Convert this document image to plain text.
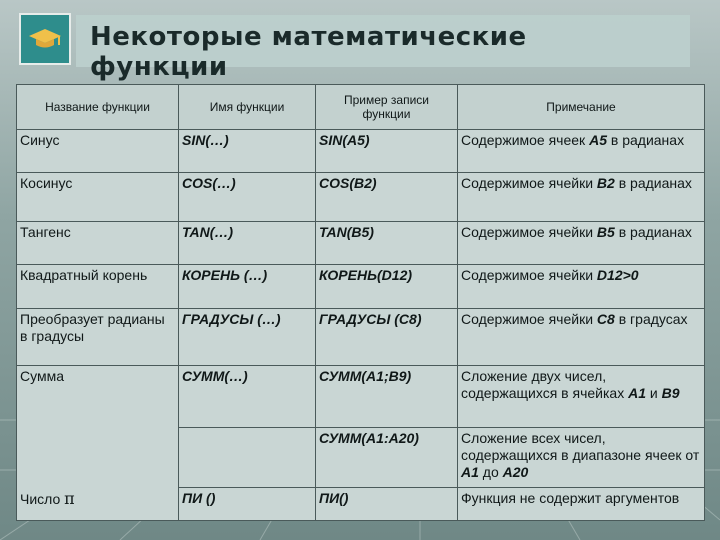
Некоторые математические функции
Название функции	Имя функции	Пример записи функции	Примечание
Синус	SIN(…)	SIN(A5)	Содержимое ячеек A5 в радианах
Косинус	COS(…)	COS(B2)	Содержимое ячейки B2 в радианах
Тангенс	TAN(…)	TAN(B5)	Содержимое ячейки B5 в радианах
Квадратный корень	КОРЕНЬ (…)	КОРЕНЬ(D12)	Содержимое ячейки D12>0
Преобразует радианы в градусы	ГРАДУСЫ (…)	ГРАДУСЫ (C8)	Содержимое ячейки C8 в градусах
Сумма	СУММ(…)	СУММ(A1;B9)	Сложение двух чисел, содержащихся в ячейках A1 и B9
		СУММ(A1:A20)	Сложение всех чисел, содержащихся в диапазоне ячеек от A1 до A20
Число π	ПИ ()	ПИ()	Функция не содержит аргументов
